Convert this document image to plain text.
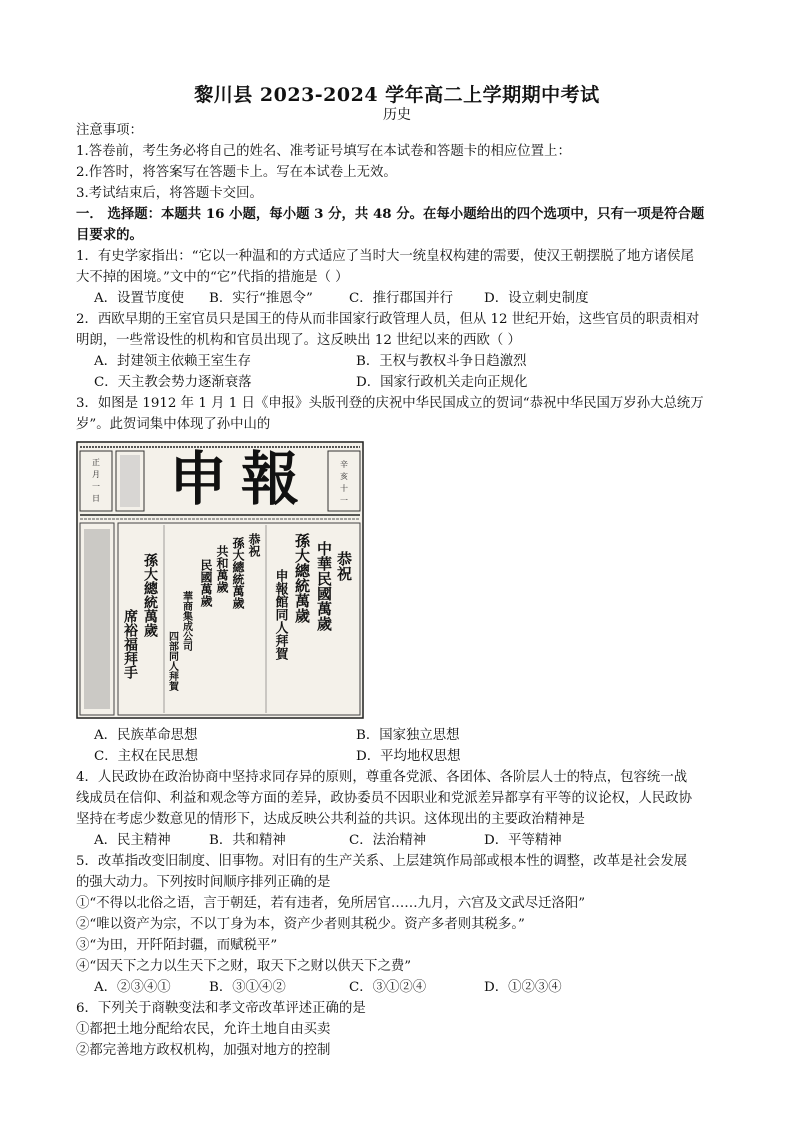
黎川县 2023-2024 学年高二上学期期中考试
历史
注意事项：
1.答卷前，考生务必将自己的姓名、准考证号填写在本试卷和答题卡的相应位置上：
2.作答时，将答案写在答题卡上。写在本试卷上无效。
3.考试结束后，将答题卡交回。
一． 选择题：本题共 16 小题，每小题 3 分，共 48 分。在每小题给出的四个选项中，只有一项是符合题
目要求的。
1．有史学家指出：“它以一种温和的方式适应了当时大一统皇权构建的需要，使汉王朝摆脱了地方诸侯尾
大不掉的困境。”文中的“它”代指的措施是（ ）
A．设置节度使	B．实行“推恩令”	C．推行郡国并行	D．设立刺史制度
2．西欧早期的王室官员只是国王的侍从而非国家行政管理人员，但从 12 世纪开始，这些官员的职责相对
明朗，一些常设性的机构和官员出现了。这反映出 12 世纪以来的西欧（ ）
A．封建领主依赖王室生存	B．王权与教权斗争日趋激烈
C．天主教会势力逐渐衰落	D．国家行政机关走向正规化
3．如图是 1912 年 1 月 1 日《申报》头版刊登的庆祝中华民国成立的贺词“恭祝中华民国万岁孙大总统万
岁”。此贺词集中体现了孙中山的
正
月
一
日 申報	辛
亥
十
一
恭祝
中華民國萬歲
孫大總統萬歲
申報館同人拜賀
恭祝
孫大總統萬歲
共和萬歲
民國萬歲
華商集成公司
四部同人拜賀
孫大總統萬歲
席裕福拜手
A．民族革命思想	B．国家独立思想
C．主权在民思想	D．平均地权思想
4．人民政协在政治协商中坚持求同存异的原则，尊重各党派、各团体、各阶层人士的特点，包容统一战
线成员在信仰、利益和观念等方面的差异，政协委员不因职业和党派差异都享有平等的议论权，人民政协
坚持在考虑少数意见的情形下，达成反映公共利益的共识。这体现出的主要政治精神是
A．民主精神	B．共和精神	C．法治精神	D．平等精神
5．改革指改变旧制度、旧事物。对旧有的生产关系、上层建筑作局部或根本性的调整，改革是社会发展
的强大动力。下列按时间顺序排列正确的是
①“不得以北俗之语，言于朝廷，若有违者，免所居官……九月，六宫及文武尽迁洛阳”
②“唯以资产为宗，不以丁身为本，资产少者则其税少。资产多者则其税多。”
③“为田，开阡陌封疆，而赋税平”
④“因天下之力以生天下之财，取天下之财以供天下之费”
A．②③④①	B．③①④②	C．③①②④	D．①②③④
6．下列关于商鞅变法和孝文帝改革评述正确的是
①都把土地分配给农民，允许土地自由买卖
②都完善地方政权机构，加强对地方的控制
